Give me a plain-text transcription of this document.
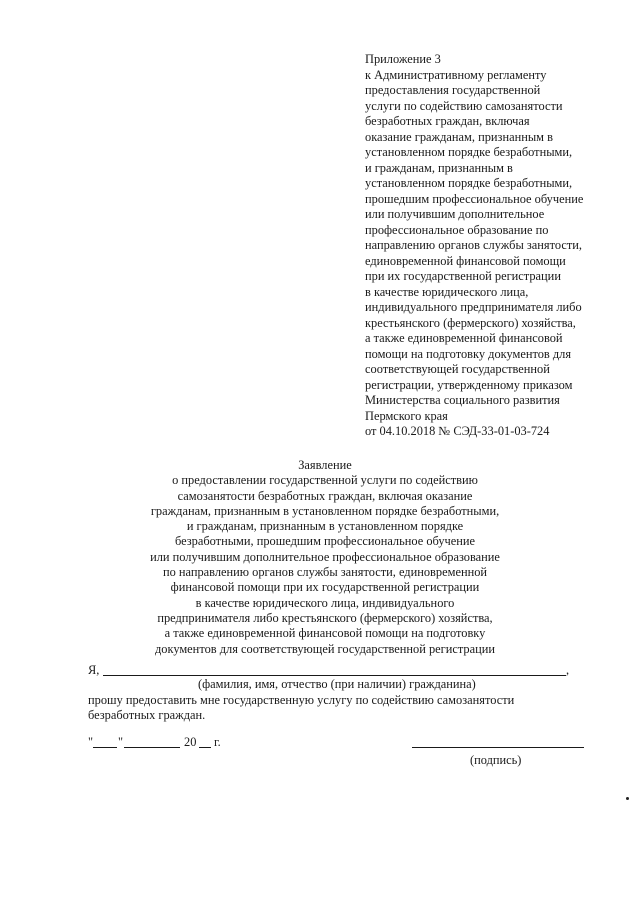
Приложение 3
к Административному регламенту
предоставления государственной
услуги по содействию самозанятости
безработных граждан, включая
оказание гражданам, признанным в
установленном порядке безработными,
и гражданам, признанным в
установленном порядке безработными,
прошедшим профессиональное обучение
или получившим дополнительное
профессиональное образование по
направлению органов службы занятости,
единовременной финансовой помощи
при их государственной регистрации
в качестве юридического лица,
индивидуального предпринимателя либо
крестьянского (фермерского) хозяйства,
а также единовременной финансовой
помощи на подготовку документов для
соответствующей государственной
регистрации, утвержденному приказом
Министерства социального развития
Пермского края
от 04.10.2018 № СЭД-33-01-03-724
Заявление
о предоставлении государственной услуги по содействию
самозанятости безработных граждан, включая оказание
гражданам, признанным в установленном порядке безработными,
и гражданам, признанным в установленном порядке
безработными, прошедшим профессиональное обучение
или получившим дополнительное профессиональное образование
по направлению органов службы занятости, единовременной
финансовой помощи при их государственной регистрации
в качестве юридического лица, индивидуального
предпринимателя либо крестьянского (фермерского) хозяйства,
а также единовременной финансовой помощи на подготовку
документов для соответствующей государственной регистрации
Я,	,
(фамилия, имя, отчество (при наличии) гражданина)
прошу предоставить мне государственную услугу по содействию самозанятости
безработных граждан.
" "	20 г.
(подпись)
